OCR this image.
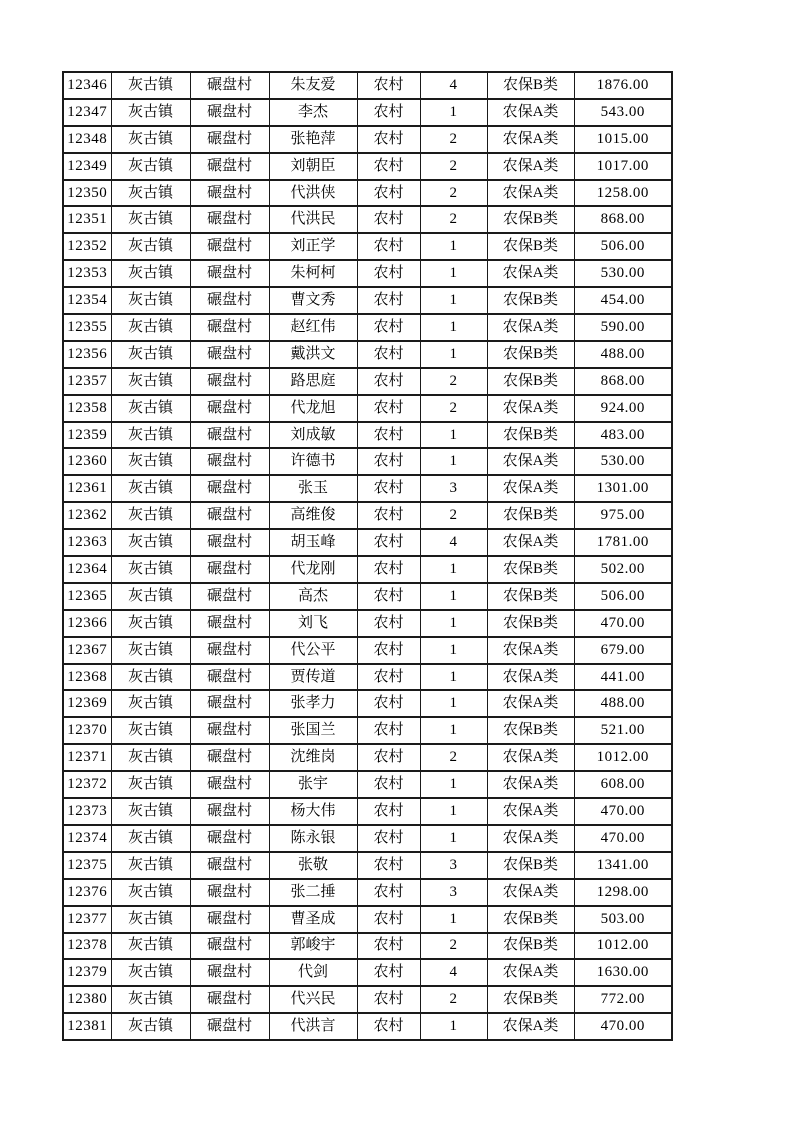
12346	灰古镇	碾盘村	朱友爱	农村	4	农保B类	1876.00
12347	灰古镇	碾盘村	李杰	农村	1	农保A类	543.00
12348	灰古镇	碾盘村	张艳萍	农村	2	农保A类	1015.00
12349	灰古镇	碾盘村	刘朝臣	农村	2	农保A类	1017.00
12350	灰古镇	碾盘村	代洪侠	农村	2	农保A类	1258.00
12351	灰古镇	碾盘村	代洪民	农村	2	农保B类	868.00
12352	灰古镇	碾盘村	刘正学	农村	1	农保B类	506.00
12353	灰古镇	碾盘村	朱柯柯	农村	1	农保A类	530.00
12354	灰古镇	碾盘村	曹文秀	农村	1	农保B类	454.00
12355	灰古镇	碾盘村	赵红伟	农村	1	农保A类	590.00
12356	灰古镇	碾盘村	戴洪文	农村	1	农保B类	488.00
12357	灰古镇	碾盘村	路思庭	农村	2	农保B类	868.00
12358	灰古镇	碾盘村	代龙旭	农村	2	农保A类	924.00
12359	灰古镇	碾盘村	刘成敏	农村	1	农保B类	483.00
12360	灰古镇	碾盘村	许德书	农村	1	农保A类	530.00
12361	灰古镇	碾盘村	张玉	农村	3	农保A类	1301.00
12362	灰古镇	碾盘村	高维俊	农村	2	农保B类	975.00
12363	灰古镇	碾盘村	胡玉峰	农村	4	农保A类	1781.00
12364	灰古镇	碾盘村	代龙刚	农村	1	农保B类	502.00
12365	灰古镇	碾盘村	高杰	农村	1	农保B类	506.00
12366	灰古镇	碾盘村	刘飞	农村	1	农保B类	470.00
12367	灰古镇	碾盘村	代公平	农村	1	农保A类	679.00
12368	灰古镇	碾盘村	贾传道	农村	1	农保A类	441.00
12369	灰古镇	碾盘村	张孝力	农村	1	农保A类	488.00
12370	灰古镇	碾盘村	张国兰	农村	1	农保B类	521.00
12371	灰古镇	碾盘村	沈维岗	农村	2	农保A类	1012.00
12372	灰古镇	碾盘村	张宇	农村	1	农保A类	608.00
12373	灰古镇	碾盘村	杨大伟	农村	1	农保A类	470.00
12374	灰古镇	碾盘村	陈永银	农村	1	农保A类	470.00
12375	灰古镇	碾盘村	张敬	农村	3	农保B类	1341.00
12376	灰古镇	碾盘村	张二捶	农村	3	农保A类	1298.00
12377	灰古镇	碾盘村	曹圣成	农村	1	农保B类	503.00
12378	灰古镇	碾盘村	郭峻宇	农村	2	农保B类	1012.00
12379	灰古镇	碾盘村	代剑	农村	4	农保A类	1630.00
12380	灰古镇	碾盘村	代兴民	农村	2	农保B类	772.00
12381	灰古镇	碾盘村	代洪言	农村	1	农保A类	470.00
